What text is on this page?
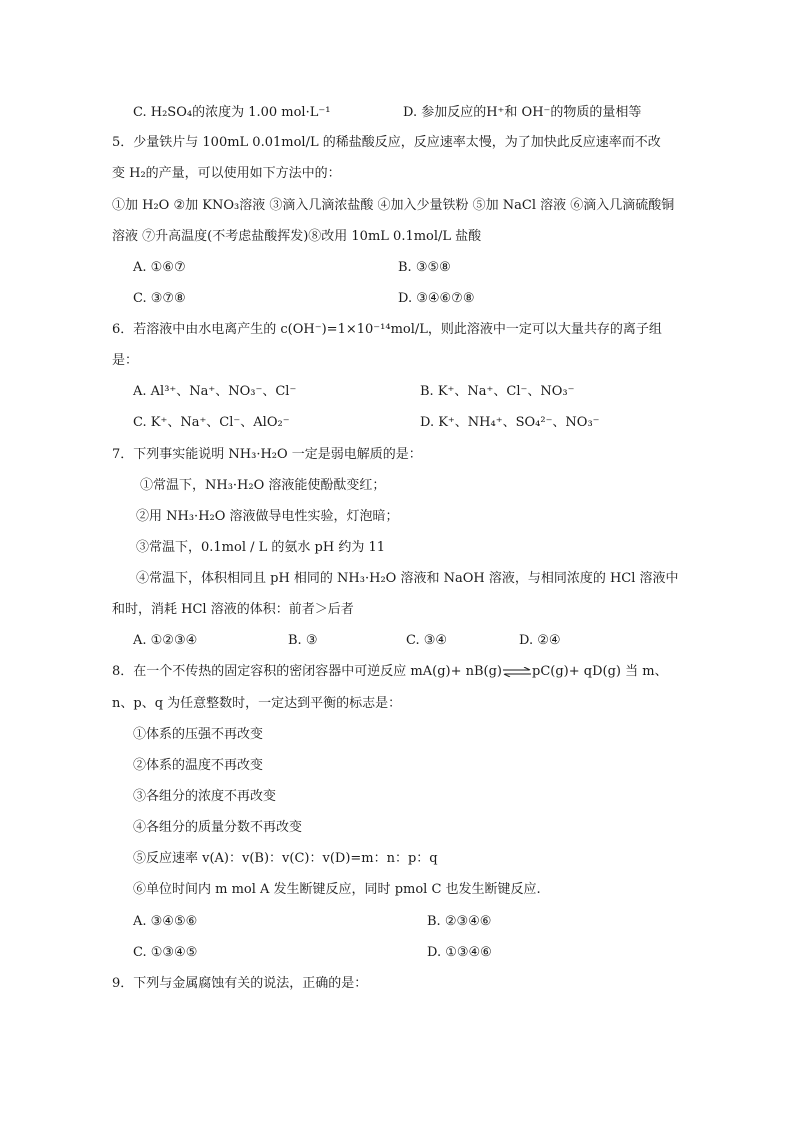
C. H₂SO₄的浓度为 1.00 mol·L⁻¹	D. 参加反应的H⁺和 OH⁻的物质的量相等
5．少量铁片与 100mL 0.01mol/L 的稀盐酸反应，反应速率太慢，为了加快此反应速率而不改
变 H₂的产量，可以使用如下方法中的：
①加 H₂O ②加 KNO₃溶液 ③滴入几滴浓盐酸 ④加入少量铁粉 ⑤加 NaCl 溶液 ⑥滴入几滴硫酸铜
溶液 ⑦升高温度(不考虑盐酸挥发)⑧改用 10mL 0.1mol/L 盐酸
A. ①⑥⑦	B. ③⑤⑧
C. ③⑦⑧	D. ③④⑥⑦⑧
6．若溶液中由水电离产生的 c(OH⁻)=1×10⁻¹⁴mol/L，则此溶液中一定可以大量共存的离子组
是：
A. Al³⁺、Na⁺、NO₃⁻、Cl⁻	B. K⁺、Na⁺、Cl⁻、NO₃⁻
C. K⁺、Na⁺、Cl⁻、AlO₂⁻	D. K⁺、NH₄⁺、SO₄²⁻、NO₃⁻
7．下列事实能说明 NH₃·H₂O 一定是弱电解质的是：
①常温下，NH₃·H₂O 溶液能使酚酞变红；
②用 NH₃·H₂O 溶液做导电性实验，灯泡暗；
③常温下，0.1mol / L 的氨水 pH 约为 11
④常温下，体积相同且 pH 相同的 NH₃·H₂O 溶液和 NaOH 溶液，与相同浓度的 HCl 溶液中
和时，消耗 HCl 溶液的体积：前者＞后者
A. ①②③④	B. ③	C. ③④	D. ②④
8．在一个不传热的固定容积的密闭容器中可逆反应 mA(g)+ nB(g)⇌pC(g)+ qD(g) 当 m、
n、p、q 为任意整数时，一定达到平衡的标志是：
①体系的压强不再改变
②体系的温度不再改变
③各组分的浓度不再改变
④各组分的质量分数不再改变
⑤反应速率 v(A)：v(B)：v(C)：v(D)=m：n：p：q
⑥单位时间内 m mol A 发生断键反应，同时 pmol C 也发生断键反应.
A. ③④⑤⑥	B. ②③④⑥
C. ①③④⑤	D. ①③④⑥
9．下列与金属腐蚀有关的说法，正确的是：
